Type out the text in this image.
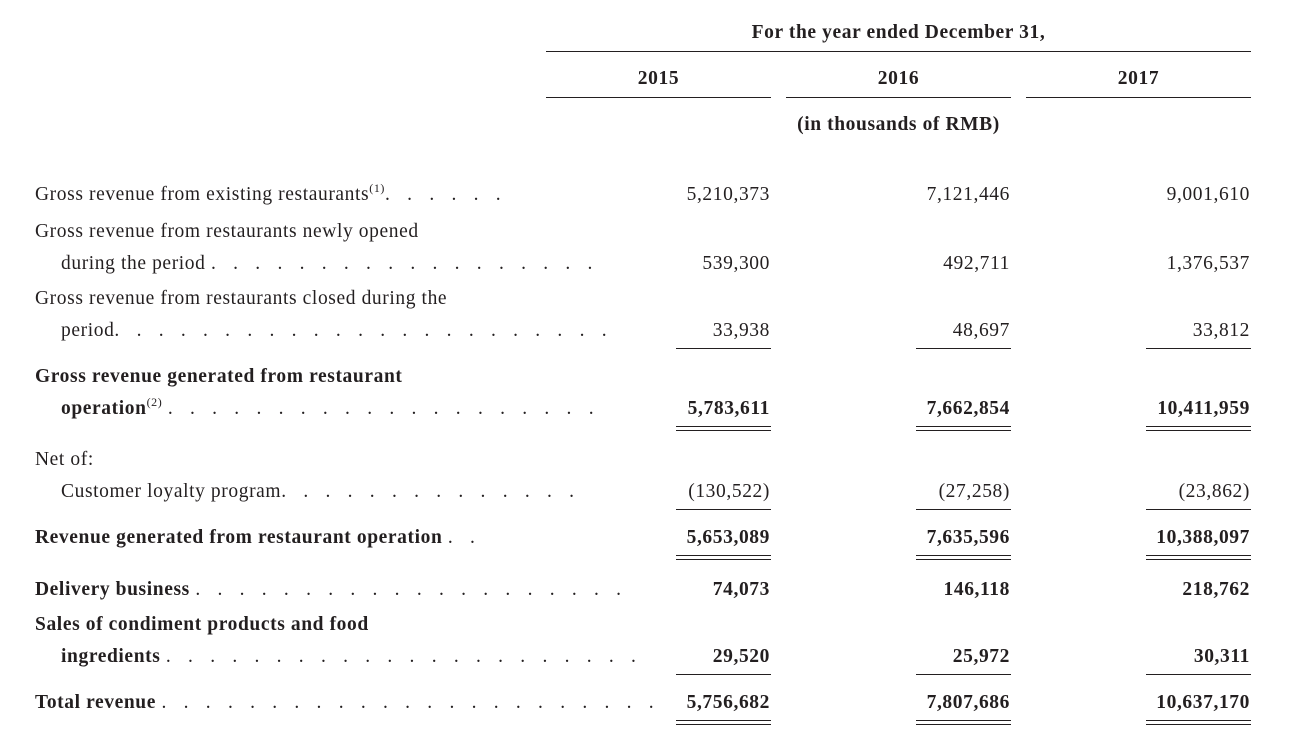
For the year ended December 31,
2015	2016	2017
(in thousands of RMB)
Gross revenue from existing restaurants$^{(1)}$. . . . . .	5,210,373	7,121,446	9,001,610
Gross revenue from restaurants newly opened
during the period . . . . . . . . . . . . . . . . . .	539,300	492,711	1,376,537
Gross revenue from restaurants closed during the
period. . . . . . . . . . . . . . . . . . . . . . .	33,938	48,697	33,812
Gross revenue generated from restaurant
operation$^{(2)}$ . . . . . . . . . . . . . . . . . . . .	5,783,611	7,662,854	10,411,959
Net of:
Customer loyalty program. . . . . . . . . . . . . .	(130,522)	(27,258)	(23,862)
Revenue generated from restaurant operation . .	5,653,089	7,635,596	10,388,097
Delivery business . . . . . . . . . . . . . . . . . . . .	74,073	146,118	218,762
Sales of condiment products and food
ingredients . . . . . . . . . . . . . . . . . . . . . .	29,520	25,972	30,311
Total revenue . . . . . . . . . . . . . . . . . . . . . . .	5,756,682	7,807,686	10,637,170
